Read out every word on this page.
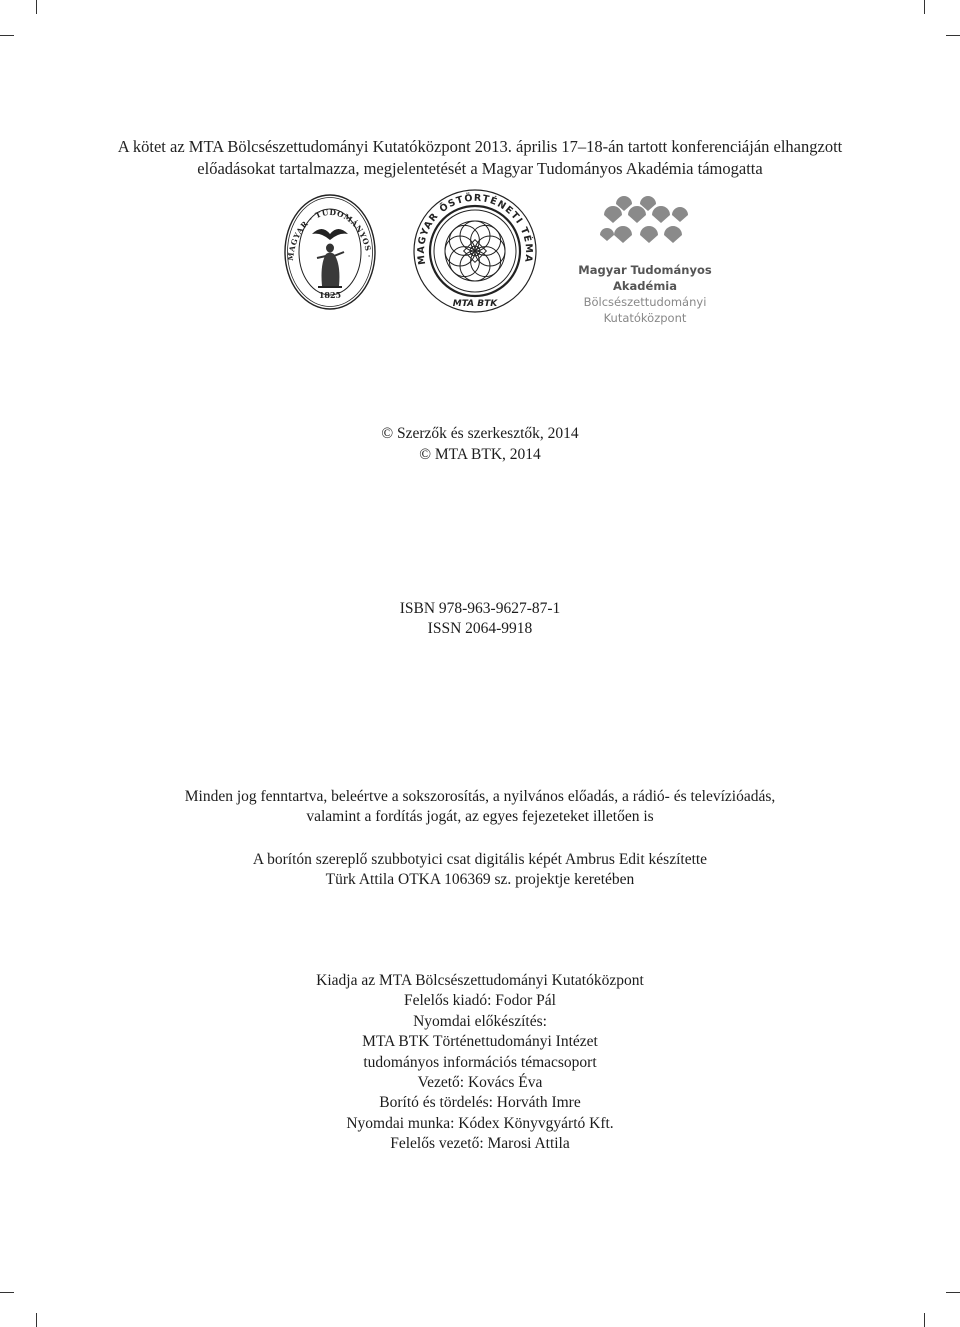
A kötet az MTA Bölcsészettudományi Kutatóközpont 2013. április 17–18-án tartott konferenciáján elhangzott
előadásokat tartalmazza, megjelentetését a Magyar Tudományos Akadémia támogatta
MAGYAR · TUDOMÁNYOS ·
1825
MAGYAR ŐSTÖRTÉNETI TÉMA
MTA BTK
Magyar Tudományos Akadémia
Bölcsészettudományi
Kutatóközpont
© Szerzők és szerkesztők, 2014
© MTA BTK, 2014
ISBN 978-963-9627-87-1
ISSN 2064-9918
Minden jog fenntartva, beleértve a sokszorosítás, a nyilvános előadás, a rádió- és televízióadás,
valamint a fordítás jogát, az egyes fejezeteket illetően is
A borítón szereplő szubbotyici csat digitális képét Ambrus Edit készítette
Türk Attila OTKA 106369 sz. projektje keretében
Kiadja az MTA Bölcsészettudományi Kutatóközpont
Felelős kiadó: Fodor Pál
Nyomdai előkészítés:
MTA BTK Történettudományi Intézet
tudományos információs témacsoport
Vezető: Kovács Éva
Borító és tördelés: Horváth Imre
Nyomdai munka: Kódex Könyvgyártó Kft.
Felelős vezető: Marosi Attila
